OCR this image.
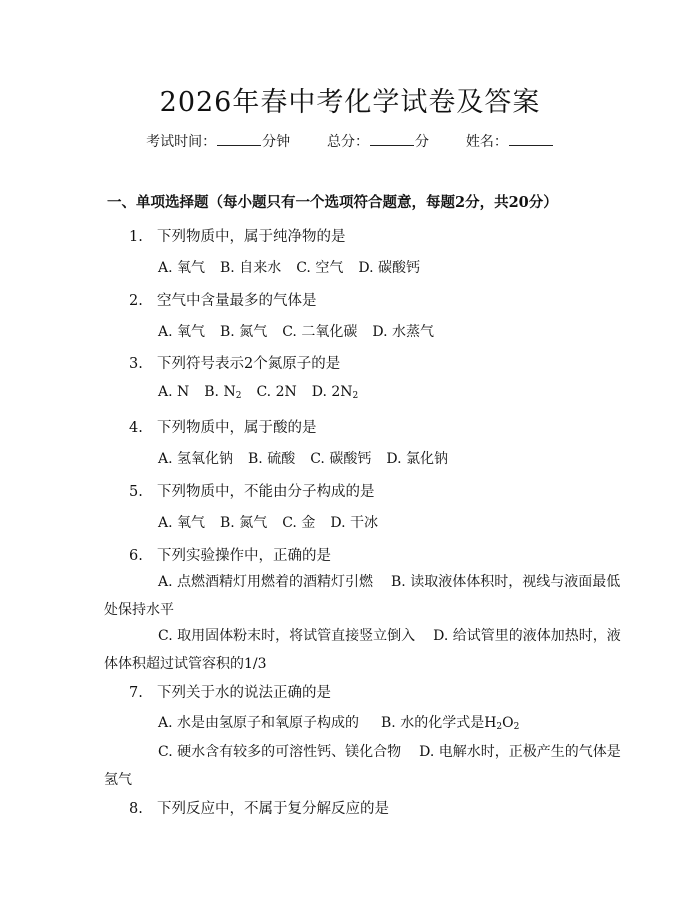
2026年春中考化学试卷及答案
考试时间：	分钟	总分：	分	姓名：
一、单项选择题（每小题只有一个选项符合题意，每题2分，共20分）
1. 下列物质中，属于纯净物的是
A. 氧气 B. 自来水 C. 空气 D. 碳酸钙
2. 空气中含量最多的气体是
A. 氧气 B. 氮气 C. 二氧化碳 D. 水蒸气
3. 下列符号表示2个氮原子的是
A. N B. $N_2$ C. 2N D. $2N_2$
4. 下列物质中，属于酸的是
A. 氢氧化钠 B. 硫酸 C. 碳酸钙 D. 氯化钠
5. 下列物质中，不能由分子构成的是
A. 氧气 B. 氮气 C. 金 D. 干冰
6. 下列实验操作中，正确的是
A. 点燃酒精灯用燃着的酒精灯引燃 B. 读取液体体积时，视线与液面最低处保持水平
C. 取用固体粉末时，将试管直接竖立倒入 D. 给试管里的液体加热时，液体体积超过试管容积的1/3
7. 下列关于水的说法正确的是
A. 水是由氢原子和氧原子构成的 B. 水的化学式是$H_2O_2$
C. 硬水含有较多的可溶性钙、镁化合物 D. 电解水时，正极产生的气体是氢气
8. 下列反应中，不属于复分解反应的是
